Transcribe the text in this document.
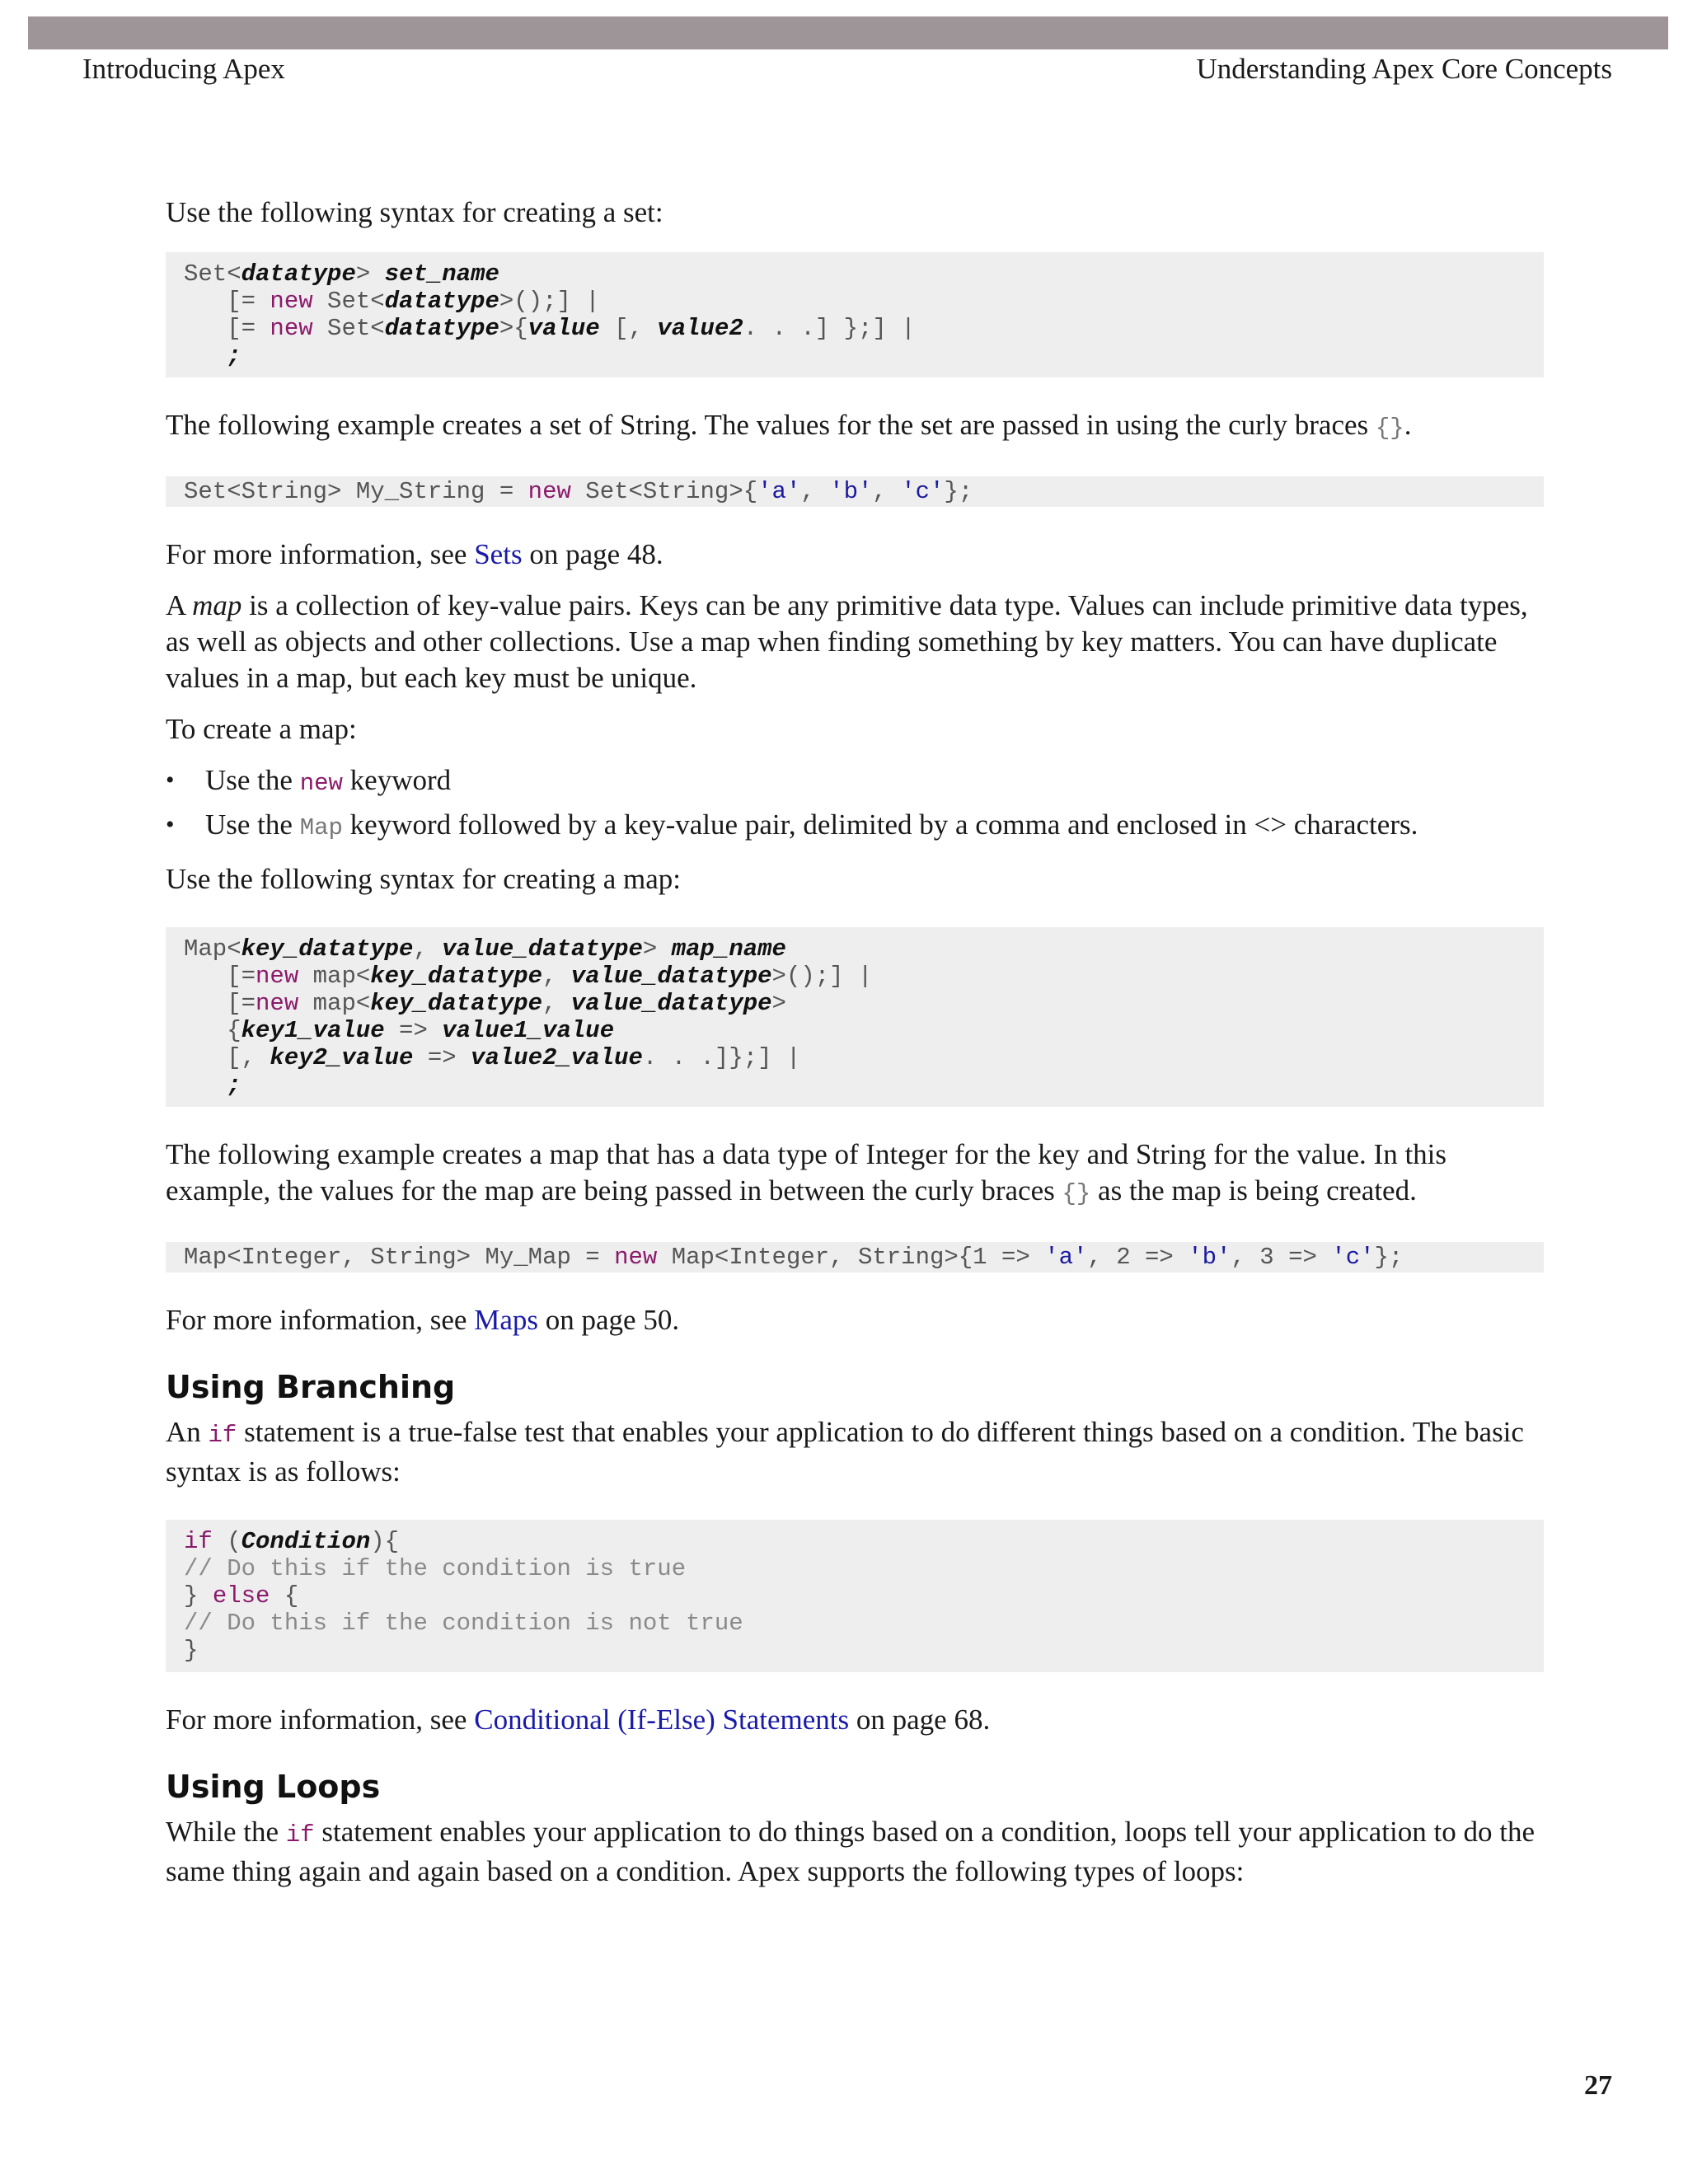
Introducing Apex	Understanding Apex Core Concepts

Use the following syntax for creating a set:

Set<datatype> set_name
[= new Set<datatype>();] |
[= new Set<datatype>{value [, value2. . .] };] |
;

The following example creates a set of String. The values for the set are passed in using the curly braces {}.

Set<String> My_String = new Set<String>{'a', 'b', 'c'};

For more information, see Sets on page 48.

A map is a collection of key-value pairs. Keys can be any primitive data type. Values can include primitive data types, as well as objects and other collections. Use a map when finding something by key matters. You can have duplicate values in a map, but each key must be unique.

To create a map:

• Use the new keyword
• Use the Map keyword followed by a key-value pair, delimited by a comma and enclosed in <> characters.

Use the following syntax for creating a map:

Map<key_datatype, value_datatype> map_name
[=new map<key_datatype, value_datatype>();] |
[=new map<key_datatype, value_datatype>
{key1_value => value1_value
[, key2_value => value2_value. . .]};] |
;

The following example creates a map that has a data type of Integer for the key and String for the value. In this example, the values for the map are being passed in between the curly braces {} as the map is being created.

Map<Integer, String> My_Map = new Map<Integer, String>{1 => 'a', 2 => 'b', 3 => 'c'};

For more information, see Maps on page 50.

Using Branching

An if statement is a true-false test that enables your application to do different things based on a condition. The basic syntax is as follows:

if (Condition){
// Do this if the condition is true
} else {
// Do this if the condition is not true
}

For more information, see Conditional (If-Else) Statements on page 68.

Using Loops

While the if statement enables your application to do things based on a condition, loops tell your application to do the same thing again and again based on a condition. Apex supports the following types of loops:

27
